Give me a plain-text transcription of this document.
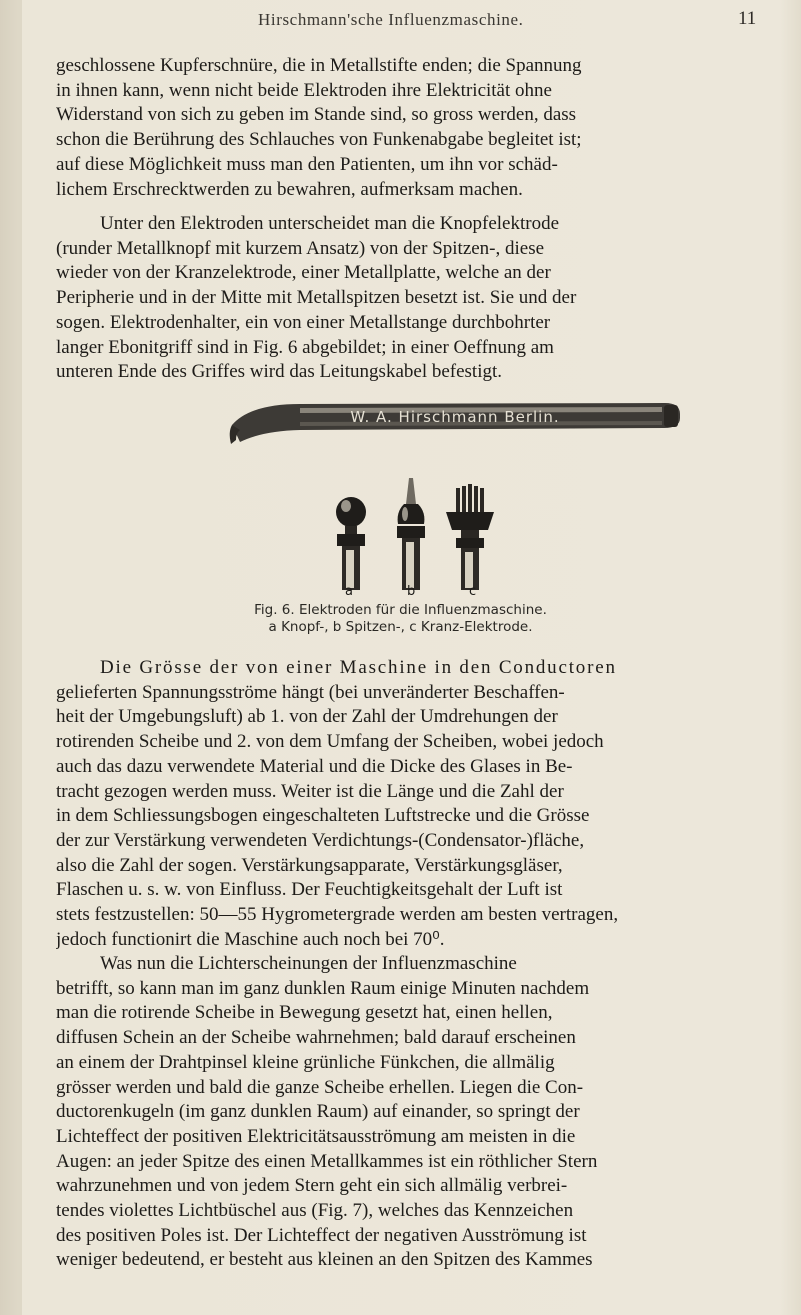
Hirschmann'sche Influenzmaschine.	11
geschlossene Kupferschnüre, die in Metallstifte enden; die Spannung
in ihnen kann, wenn nicht beide Elektroden ihre Elektricität ohne
Widerstand von sich zu geben im Stande sind, so gross werden, dass
schon die Berührung des Schlauches von Funkenabgabe begleitet ist;
auf diese Möglichkeit muss man den Patienten, um ihn vor schäd-
lichem Erschrecktwerden zu bewahren, aufmerksam machen.
Unter den Elektroden unterscheidet man die Knopfelektrode
(runder Metallknopf mit kurzem Ansatz) von der Spitzen-, diese
wieder von der Kranzelektrode, einer Metallplatte, welche an der
Peripherie und in der Mitte mit Metallspitzen besetzt ist. Sie und der
sogen. Elektrodenhalter, ein von einer Metallstange durchbohrter
langer Ebonitgriff sind in Fig. 6 abgebildet; in einer Oeffnung am
unteren Ende des Griffes wird das Leitungskabel befestigt.
W. A. Hirschmann Berlin.
a	b	c
Fig. 6. Elektroden für die Influenzmaschine.
a Knopf-, b Spitzen-, c Kranz-Elektrode.
Die Grösse der von einer Maschine in den Conductoren
gelieferten Spannungsströme hängt (bei unveränderter Beschaffen-
heit der Umgebungsluft) ab 1. von der Zahl der Umdrehungen der
rotirenden Scheibe und 2. von dem Umfang der Scheiben, wobei jedoch
auch das dazu verwendete Material und die Dicke des Glases in Be-
tracht gezogen werden muss. Weiter ist die Länge und die Zahl der
in dem Schliessungsbogen eingeschalteten Luftstrecke und die Grösse
der zur Verstärkung verwendeten Verdichtungs-(Condensator-)fläche,
also die Zahl der sogen. Verstärkungsapparate, Verstärkungsgläser,
Flaschen u. s. w. von Einfluss. Der Feuchtigkeitsgehalt der Luft ist
stets festzustellen: 50—55 Hygrometergrade werden am besten vertragen,
jedoch functionirt die Maschine auch noch bei 70⁰.
Was nun die Lichterscheinungen der Influenzmaschine
betrifft, so kann man im ganz dunklen Raum einige Minuten nachdem
man die rotirende Scheibe in Bewegung gesetzt hat, einen hellen,
diffusen Schein an der Scheibe wahrnehmen; bald darauf erscheinen
an einem der Drahtpinsel kleine grünliche Fünkchen, die allmälig
grösser werden und bald die ganze Scheibe erhellen. Liegen die Con-
ductorenkugeln (im ganz dunklen Raum) auf einander, so springt der
Lichteffect der positiven Elektricitätsausströmung am meisten in die
Augen: an jeder Spitze des einen Metallkammes ist ein röthlicher Stern
wahrzunehmen und von jedem Stern geht ein sich allmälig verbrei-
tendes violettes Lichtbüschel aus (Fig. 7), welches das Kennzeichen
des positiven Poles ist. Der Lichteffect der negativen Ausströmung ist
weniger bedeutend, er besteht aus kleinen an den Spitzen des Kammes
